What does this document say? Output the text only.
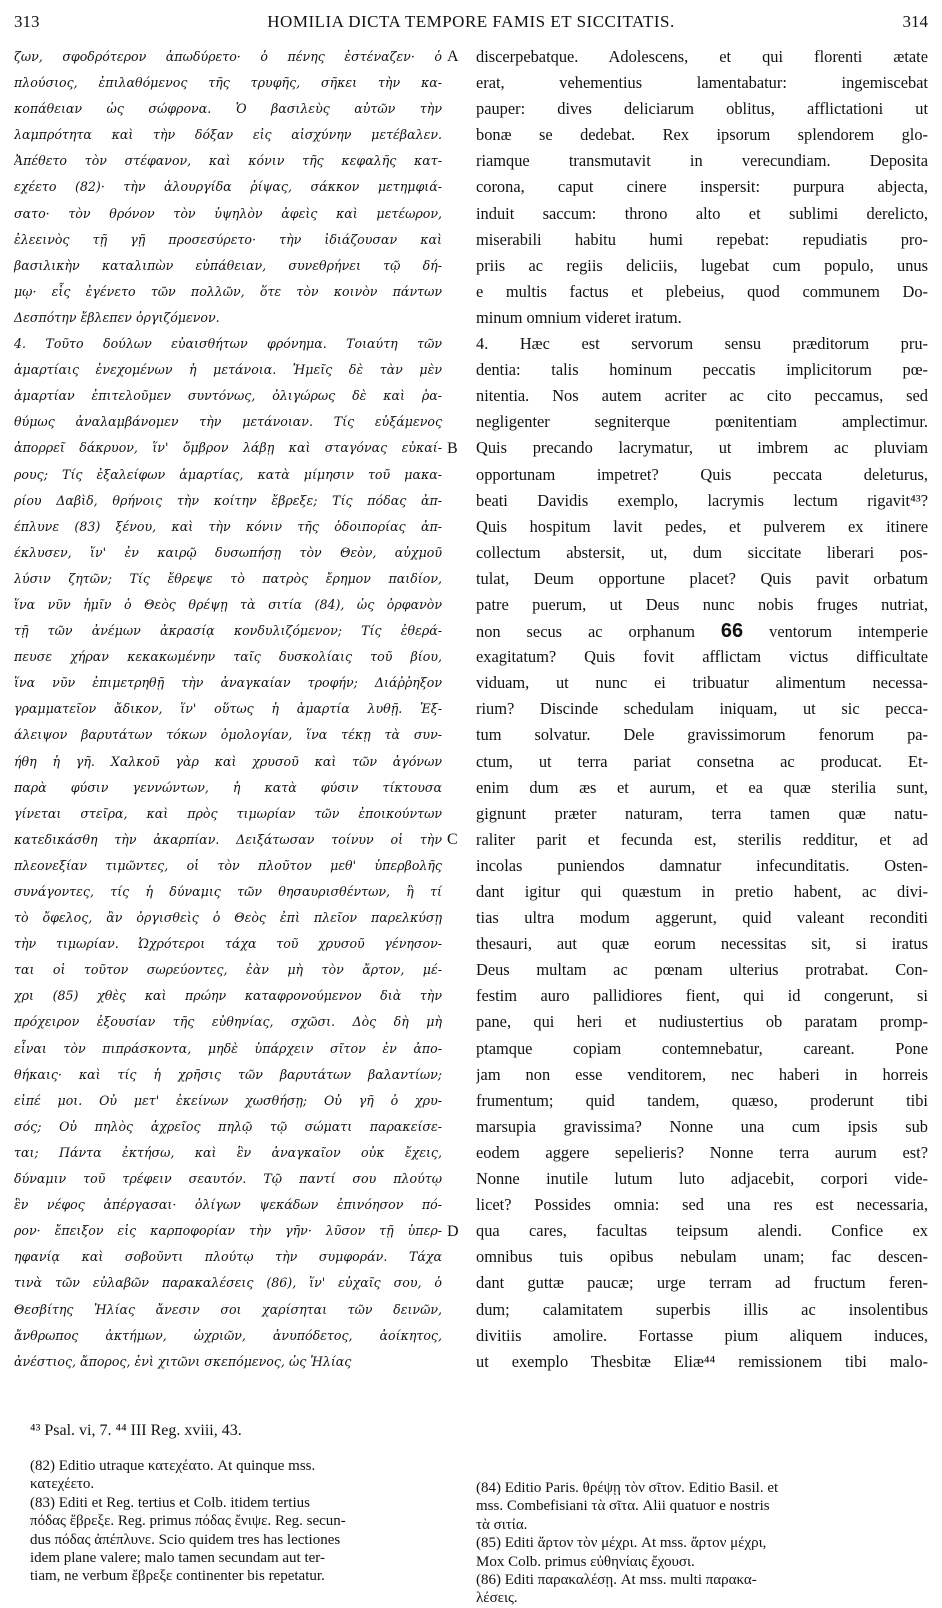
313	HOMILIA DICTA TEMPORE FAMIS ET SICCITATIS.	314
ζων, σφοδρότερον ἀπωδύρετο· ὁ πένης ἐστέναζεν· ὁ
πλούσιος, ἐπιλαθόμενος τῆς τρυφῆς, σῆκει τὴν κα-
κοπάθειαν ὡς σώφρονα. Ὁ βασιλεὺς αὐτῶν τὴν
λαμπρότητα καὶ τὴν δόξαν εἰς αἰσχύνην μετέβαλεν.
Ἀπέθετο τὸν στέφανον, καὶ κόνιν τῆς κεφαλῆς κατ-
εχέετο (82)· τὴν ἁλουργίδα ῥίψας, σάκκον μετημφιά-
σατο· τὸν θρόνον τὸν ὑψηλὸν ἀφεὶς καὶ μετέωρον,
ἐλεεινὸς τῇ γῇ προσεσύρετο· τὴν ἰδιάζουσαν καὶ
βασιλικὴν καταλιπὼν εὐπάθειαν, συνεθρήνει τῷ δή-
μῳ· εἷς ἐγένετο τῶν πολλῶν, ὅτε τὸν κοινὸν πάντων
Δεσπότην ἔβλεπεν ὀργιζόμενον.
4. Τοῦτο δούλων εὐαισθήτων φρόνημα. Τοιαύτη τῶν
ἁμαρτίαις ἐνεχομένων ἡ μετάνοια. Ἡμεῖς δὲ τὰν μὲν
ἁμαρτίαν ἐπιτελοῦμεν συντόνως, ὀλιγώρως δὲ καὶ ῥα-
θύμως ἀναλαμβάνομεν τὴν μετάνοιαν. Τίς εὐξάμενος
ἀπορρεῖ δάκρυον, ἵν' ὄμβρον λάβῃ καὶ σταγόνας εὐκαί-
ρους; Τίς ἐξαλείφων ἁμαρτίας, κατὰ μίμησιν τοῦ μακα-
ρίου Δαβὶδ, θρήνοις τὴν κοίτην ἔβρεξε; Τίς πόδας ἀπ-
έπλυνε (83) ξένου, καὶ τὴν κόνιν τῆς ὁδοιπορίας ἀπ-
έκλυσεν, ἵν' ἐν καιρῷ δυσωπήσῃ τὸν Θεὸν, αὐχμοῦ
λύσιν ζητῶν; Τίς ἔθρεψε τὸ πατρὸς ἔρημον παιδίον,
ἵνα νῦν ἡμῖν ὁ Θεὸς θρέψῃ τὰ σιτία (84), ὡς ὀρφανὸν
τῇ τῶν ἀνέμων ἀκρασίᾳ κονδυλιζόμενον; Τίς ἐθερά-
πευσε χήραν κεκακωμένην ταῖς δυσκολίαις τοῦ βίου,
ἵνα νῦν ἐπιμετρηθῇ τὴν ἀναγκαίαν τροφήν; Διάῤῥηξον
γραμματεῖον ἄδικον, ἵν' οὕτως ἡ ἁμαρτία λυθῇ. Ἐξ-
άλειψον βαρυτάτων τόκων ὁμολογίαν, ἵνα τέκῃ τὰ συν-
ήθη ἡ γῆ. Χαλκοῦ γὰρ καὶ χρυσοῦ καὶ τῶν ἀγόνων
παρὰ φύσιν γεννώντων, ἡ κατὰ φύσιν τίκτουσα
γίνεται στεῖρα, καὶ πρὸς τιμωρίαν τῶν ἐποικούντων
κατεδικάσθη τὴν ἀκαρπίαν. Δειξάτωσαν τοίνυν οἱ τὴν
πλεονεξίαν τιμῶντες, οἱ τὸν πλοῦτον μεθ' ὑπερβολῆς
συνάγοντες, τίς ἡ δύναμις τῶν θησαυρισθέντων, ἢ τί
τὸ ὄφελος, ἂν ὀργισθεὶς ὁ Θεὸς ἐπὶ πλεῖον παρελκύσῃ
τὴν τιμωρίαν. Ὠχρότεροι τάχα τοῦ χρυσοῦ γένησον-
ται οἱ τοῦτον σωρεύοντες, ἐὰν μὴ τὸν ἄρτον, μέ-
χρι (85) χθὲς καὶ πρώην καταφρονούμενον διὰ τὴν
πρόχειρον ἐξουσίαν τῆς εὐθηνίας, σχῶσι. Δὸς δὴ μὴ
εἶναι τὸν πιπράσκοντα, μηδὲ ὑπάρχειν σῖτον ἐν ἀπο-
θήκαις· καὶ τίς ἡ χρῆσις τῶν βαρυτάτων βαλαντίων;
εἰπέ μοι. Οὐ μετ' ἐκείνων χωσθήσῃ; Οὐ γῆ ὁ χρυ-
σός; Οὐ πηλὸς ἀχρεῖος πηλῷ τῷ σώματι παρακείσε-
ται; Πάντα ἐκτήσω, καὶ ἓν ἀναγκαῖον οὐκ ἔχεις,
δύναμιν τοῦ τρέφειν σεαυτόν. Τῷ παντί σου πλούτῳ
ἓν νέφος ἀπέργασαι· ὀλίγων ψεκάδων ἐπινόησον πό-
ρον· ἔπειξον εἰς καρποφορίαν τὴν γῆν· λῦσον τῇ ὑπερ-
ηφανίᾳ καὶ σοβοῦντι πλούτῳ τὴν συμφοράν. Τάχα
τινὰ τῶν εὐλαβῶν παρακαλέσεις (86), ἵν' εὐχαῖς σου, ὁ
Θεσβίτης Ἠλίας ἄνεσιν σοι χαρίσηται τῶν δεινῶν,
ἄνθρωπος ἀκτήμων, ὠχριῶν, ἀνυπόδετος, ἀοίκητος,
ἀνέστιος, ἄπορος, ἑνὶ χιτῶνι σκεπόμενος, ὡς Ἠλίας
A
B
C
D
discerpebatque. Adolescens, et qui florenti ætate
erat, vehementius lamentabatur: ingemiscebat
pauper: dives deliciarum oblitus, afflictationi ut
bonæ se dedebat. Rex ipsorum splendorem glo-
riamque transmutavit in verecundiam. Deposita
corona, caput cinere inspersit: purpura abjecta,
induit saccum: throno alto et sublimi derelicto,
miserabili habitu humi repebat: repudiatis pro-
priis ac regiis deliciis, lugebat cum populo, unus
e multis factus et plebeius, quod communem Do-
minum omnium videret iratum.
4. Hæc est servorum sensu præditorum pru-
dentia: talis hominum peccatis implicitorum pœ-
nitentia. Nos autem acriter ac cito peccamus, sed
negligenter segniterque pœnitentiam amplectimur.
Quis precando lacrymatur, ut imbrem ac pluviam
opportunam impetret? Quis peccata deleturus,
beati Davidis exemplo, lacrymis lectum rigavit⁴³?
Quis hospitum lavit pedes, et pulverem ex itinere
collectum abstersit, ut, dum siccitate liberari pos-
tulat, Deum opportune placet? Quis pavit orbatum
patre puerum, ut Deus nunc nobis fruges nutriat,
non secus ac orphanum 66 ventorum intemperie
exagitatum? Quis fovit afflictam victus difficultate
viduam, ut nunc ei tribuatur alimentum necessa-
rium? Discinde schedulam iniquam, ut sic pecca-
tum solvatur. Dele gravissimorum fenorum pa-
ctum, ut terra pariat consetna ac producat. Et-
enim dum æs et aurum, et ea quæ sterilia sunt,
gignunt præter naturam, terra tamen quæ natu-
raliter parit et fecunda est, sterilis redditur, et ad
incolas puniendos damnatur infecunditatis. Osten-
dant igitur qui quæstum in pretio habent, ac divi-
tias ultra modum aggerunt, quid valeant reconditi
thesauri, aut quæ eorum necessitas sit, si iratus
Deus multam ac pœnam ulterius protrabat. Con-
festim auro pallidiores fient, qui id congerunt, si
pane, qui heri et nudiustertius ob paratam promp-
ptamque copiam contemnebatur, careant. Pone
jam non esse venditorem, nec haberi in horreis
frumentum; quid tandem, quæso, proderunt tibi
marsupia gravissima? Nonne una cum ipsis sub
eodem aggere sepelieris? Nonne terra aurum est?
Nonne inutile lutum luto adjacebit, corpori vide-
licet? Possides omnia: sed una res est necessaria,
qua cares, facultas teipsum alendi. Confice ex
omnibus tuis opibus nebulam unam; fac descen-
dant guttæ paucæ; urge terram ad fructum feren-
dum; calamitatem superbis illis ac insolentibus
divitiis amolire. Fortasse pium aliquem induces,
ut exemplo Thesbitæ Eliæ⁴⁴ remissionem tibi malo-
⁴³ Psal. vi, 7. ⁴⁴ III Reg. xviii, 43.
(82) Editio utraque κατεχέατο. At quinque mss.
κατεχέετο.
(83) Editi et Reg. tertius et Colb. itidem tertius
πόδας ἔβρεξε. Reg. primus πόδας ἔνιψε. Reg. secun-
dus πόδας ἀπέπλυνε. Scio quidem tres has lectiones
idem plane valere; malo tamen secundam aut ter-
tiam, ne verbum ἔβρεξε continenter bis repetatur.
(84) Editio Paris. θρέψῃ τὸν σῖτον. Editio Basil. et
mss. Combefisiani τὰ σῖτα. Alii quatuor e nostris
τὰ σιτία.
(85) Editi ἄρτον τὸν μέχρι. At mss. ἄρτον μέχρι,
Mox Colb. primus εὐθηνίαις ἔχουσι.
(86) Editi παρακαλέσῃ. At mss. multi παρακα-
λέσεις.
